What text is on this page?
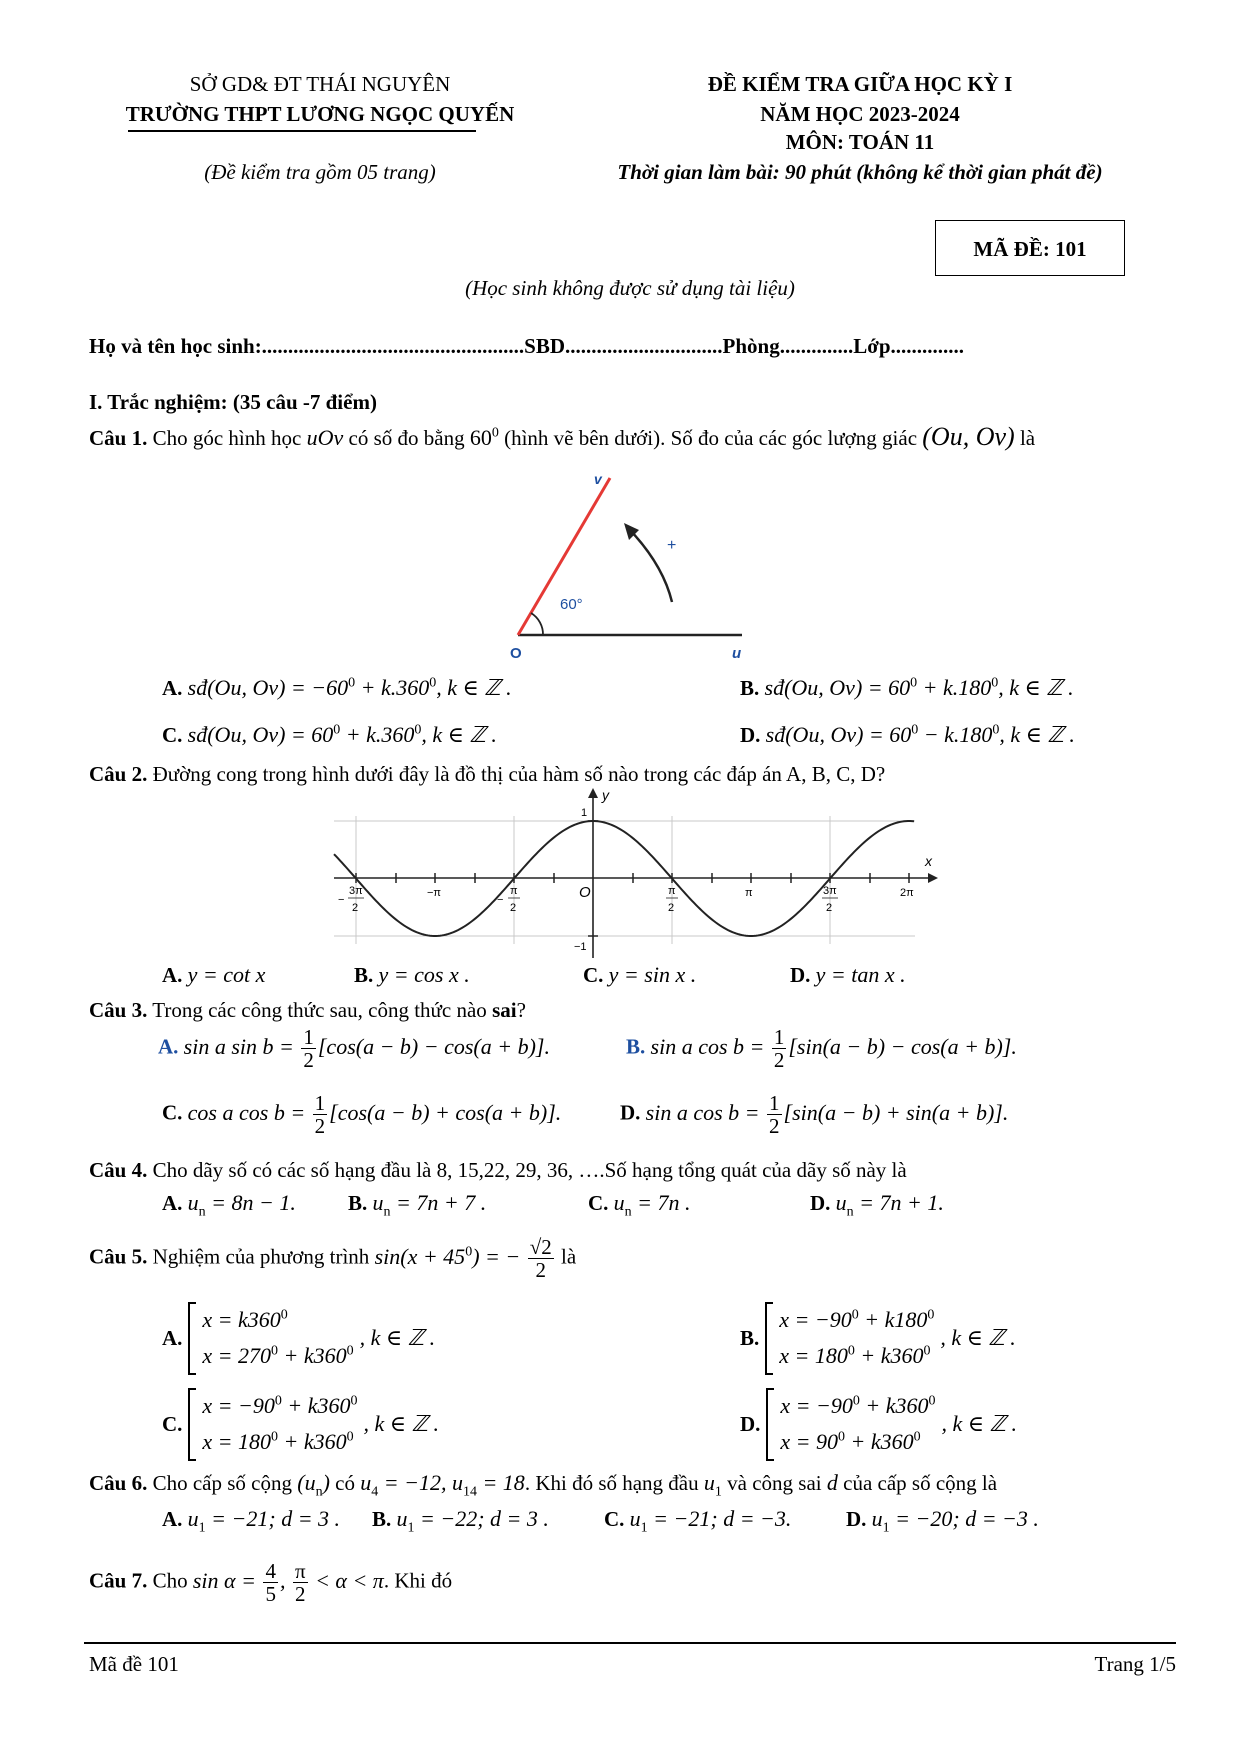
SỞ GD& ĐT THÁI NGUYÊN
TRƯỜNG THPT LƯƠNG NGỌC QUYẾN
(Đề kiểm tra gồm 05 trang)
ĐỀ KIỂM TRA GIỮA HỌC KỲ I
NĂM HỌC 2023-2024
MÔN: TOÁN 11
Thời gian làm bài: 90 phút (không kể thời gian phát đề)
MÃ ĐỀ: 101
(Học sinh không được sử dụng tài liệu)
Họ và tên học sinh:..................................................SBD..............................Phòng..............Lớp..............
I. Trắc nghiệm: (35 câu -7 điểm)
Câu 1. Cho góc hình học uOv có số đo bằng $60^0$ (hình vẽ bên dưới). Số đo của các góc lượng giác (Ou, Ov) là
v
+
60°
O	u
A. sđ(Ou, $Ov) = -60^0 + k.360^0$, k ∈ ℤ .	B. sđ(Ou, $Ov) = 60^0 + k.180^0$, k ∈ ℤ .
C. sđ(Ou, $Ov) = 60^0 + k.360^0$, k ∈ ℤ .	D. sđ(Ou, $Ov) = 60^0 - k.180^0$, k ∈ ℤ .
Câu 2. Đường cong trong hình dưới đây là đồ thị của hàm số nào trong các đáp án A, B, C, D?
y
x
O
1
−1
−π	π	2π
3π
2
−
π
2
−
π
2
3π
2
A. y = cot x	B. y = cos x .	C. y = sin x .	D. y = tan x .
Câu 3. Trong các công thức sau, công thức nào sai?
A. sin a $\sin b = \frac{1}{2} [\cos(a - b) - \cos(a + b)]$.	B. sin a $\cos b = \frac{1}{2} [\sin(a - b) - \cos(a + b)]$.
C. cos a $\cos b = \frac{1}{2} [\cos(a - b) + \cos(a + b)]$.	D. sin a $\cos b = \frac{1}{2} [\sin(a - b) + \sin(a + b)]$.
Câu 4. Cho dãy số có các số hạng đầu là 8, 15,22, 29, 36, ….Số hạng tổng quát của dãy số này là
A. $u_n = 8n - 1$. B. $u_n = 7n + 7$ .	C. $u_n = 7n$ .	D. $u_n = 7n + 1$.
Câu 5. Nghiệm của phương trình $\sin(x + 45^0)$ = − $\frac{√2}{2}$ là
A.
$x = k360^0$
$x = 270^0 + k360^0$
, k ∈ ℤ .	B.
$x = -90^0 + k180^0$
$x = 180^0 + k360^0$
, k ∈ ℤ .
C.
$x = -90^0 + k360^0$
$x = 180^0 + k360^0$
, k ∈ ℤ .	D.
$x = -90^0 + k360^0$
$x = 90^0 + k360^0$
, k ∈ ℤ .
Câu 6. Cho cấp số cộng $(u_n)$ có $u_4 = -12$, $u_{14} = 18$. Khi đó số hạng đầu $u_1$ và công sai d của cấp số cộng là
A. $u_1 = -21$; d = 3 . B. $u_1 = -22$; d = 3 .	C. $u_1 = -21$; d = −3.	D. $u_1 = -20$; d = −3 .
Câu 7. Cho $\sin \alpha = \frac{4}{5}$ , $\frac{\pi}{2} < \alpha < \pi$. Khi đó
Mã đề 101	Trang 1/5
